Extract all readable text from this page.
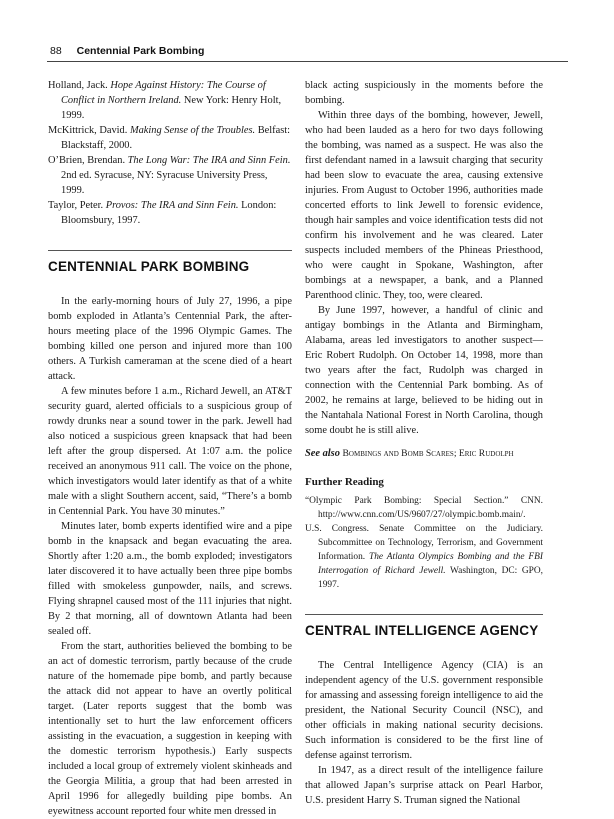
88 Centennial Park Bombing

Holland, Jack. Hope Against History: The Course of Conflict in Northern Ireland. New York: Henry Holt, 1999.

McKittrick, David. Making Sense of the Troubles. Belfast: Blackstaff, 2000.

O’Brien, Brendan. The Long War: The IRA and Sinn Fein. 2nd ed. Syracuse, NY: Syracuse University Press, 1999.

Taylor, Peter. Provos: The IRA and Sinn Fein. London: Bloomsbury, 1997.

CENTENNIAL PARK BOMBING

In the early-morning hours of July 27, 1996, a pipe bomb exploded in Atlanta’s Centennial Park, the after-hours meeting place of the 1996 Olympic Games. The bombing killed one person and injured more than 100 others. A Turkish cameraman at the scene died of a heart attack.

A few minutes before 1 a.m., Richard Jewell, an AT&T security guard, alerted officials to a suspicious group of rowdy drunks near a sound tower in the park. Jewell had also noticed a suspicious green knapsack that had been left after the group dispersed. At 1:07 a.m. the police received an anonymous 911 call. The voice on the phone, which investigators would later identify as that of a white male with a slight Southern accent, said, “There’s a bomb in Centennial Park. You have 30 minutes.”

Minutes later, bomb experts identified wire and a pipe bomb in the knapsack and began evacuating the area. Shortly after 1:20 a.m., the bomb exploded; investigators later discovered it to have actually been three pipe bombs filled with smokeless gunpowder, nails, and screws. Flying shrapnel caused most of the 111 injuries that night. By 2 that morning, all of downtown Atlanta had been sealed off.

From the start, authorities believed the bombing to be an act of domestic terrorism, partly because of the crude nature of the homemade pipe bomb, and partly because the attack did not appear to have an overtly political target. (Later reports suggest that the bomb was intentionally set to hurt the law enforcement officers assisting in the evacuation, a suggestion in keeping with the domestic terrorism hypothesis.) Early suspects included a local group of extremely violent skinheads and the Georgia Militia, a group that had been arrested in April 1996 for allegedly building pipe bombs. An eyewitness account reported four white men dressed in

black acting suspiciously in the moments before the bombing.

Within three days of the bombing, however, Jewell, who had been lauded as a hero for two days following the bombing, was named as a suspect. He was also the first defendant named in a lawsuit charging that security had been slow to evacuate the area, causing extensive injuries. From August to October 1996, authorities made concerted efforts to link Jewell to forensic evidence, though hair samples and voice identification tests did not confirm his involvement and he was cleared. Later suspects included members of the Phineas Priesthood, who were caught in Spokane, Washington, after bombings at a newspaper, a bank, and a Planned Parenthood clinic. They, too, were cleared.

By June 1997, however, a handful of clinic and antigay bombings in the Atlanta and Birmingham, Alabama, areas led investigators to another suspect—Eric Robert Rudolph. On October 14, 1998, more than two years after the fact, Rudolph was charged in connection with the Centennial Park bombing. As of 2002, he remains at large, believed to be hiding out in the Nantahala National Forest in North Carolina, though some doubt he is still alive.

See also Bombings and Bomb Scares; Eric Rudolph

Further Reading

“Olympic Park Bombing: Special Section.” CNN. http://www.cnn.com/US/9607/27/olympic.bomb.main/.

U.S. Congress. Senate Committee on the Judiciary. Subcommittee on Technology, Terrorism, and Government Information. The Atlanta Olympics Bombing and the FBI Interrogation of Richard Jewell. Washington, DC: GPO, 1997.

CENTRAL INTELLIGENCE AGENCY

The Central Intelligence Agency (CIA) is an independent agency of the U.S. government responsible for amassing and assessing foreign intelligence to aid the president, the National Security Council (NSC), and other officials in making national security decisions. Such information is considered to be the first line of defense against terrorism.

In 1947, as a direct result of the intelligence failure that allowed Japan’s surprise attack on Pearl Harbor, U.S. president Harry S. Truman signed the National
